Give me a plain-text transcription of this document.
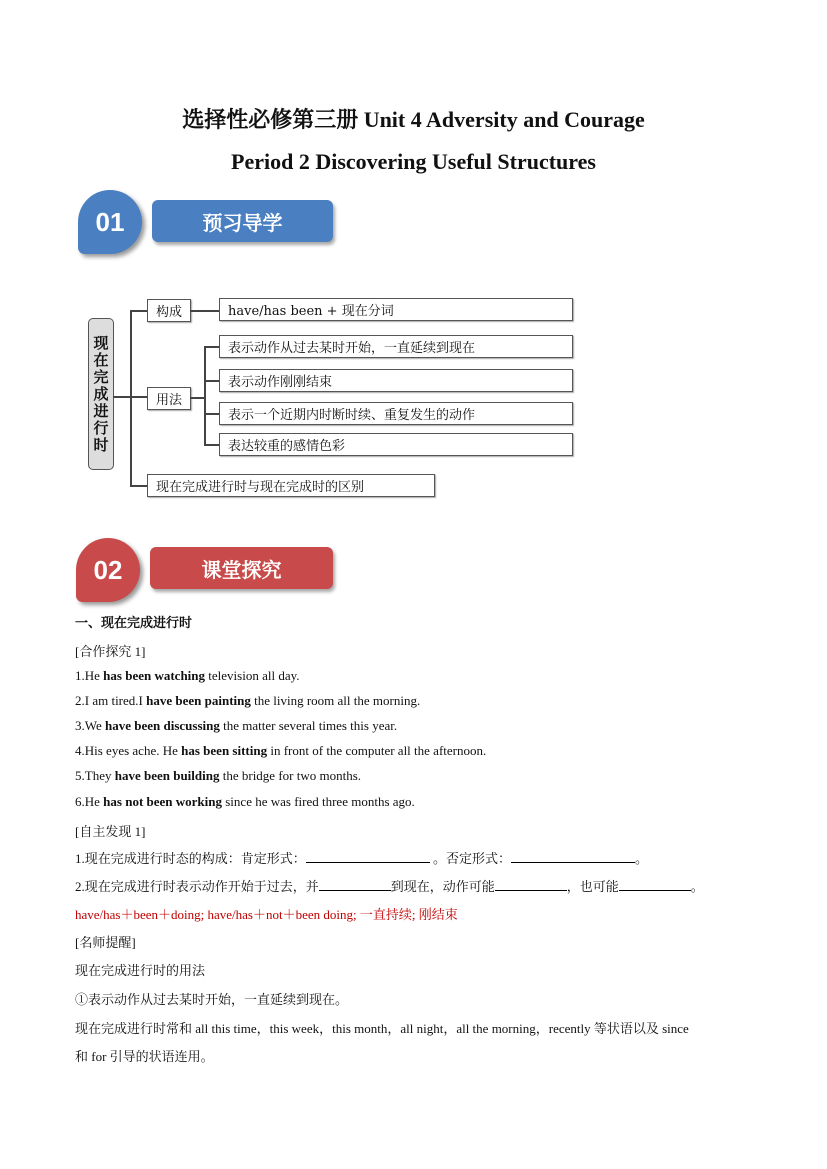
选择性必修第三册 Unit 4 Adversity and Courage
Period 2 Discovering Useful Structures
01	预习导学
现在完成进行时
构成	have/has been + 现在分词
用法
表示动作从过去某时开始，一直延续到现在
表示动作刚刚结束
表示一个近期内时断时续、重复发生的动作
表达较重的感情色彩
现在完成进行时与现在完成时的区别
02	课堂探究
一、现在完成进行时
[合作探究 1]
1.He has been watching television all day.
2.I am tired.I have been painting the living room all the morning.
3.We have been discussing the matter several times this year.
4.His eyes ache. He has been sitting in front of the computer all the afternoon.
5.They have been building the bridge for two months.
6.He has not been working since he was fired three months ago.
[自主发现 1]
1.现在完成进行时态的构成：肯定形式：	。否定形式：	。
2.现在完成进行时表示动作开始于过去，并	到现在，动作可能	，也可能	。
have/has＋been＋doing; have/has＋not＋been doing; 一直持续; 刚结束
[名师提醒]
现在完成进行时的用法
①表示动作从过去某时开始，一直延续到现在。
现在完成进行时常和 all this time，this week，this month，all night，all the morning，recently 等状语以及 since
和 for 引导的状语连用。
